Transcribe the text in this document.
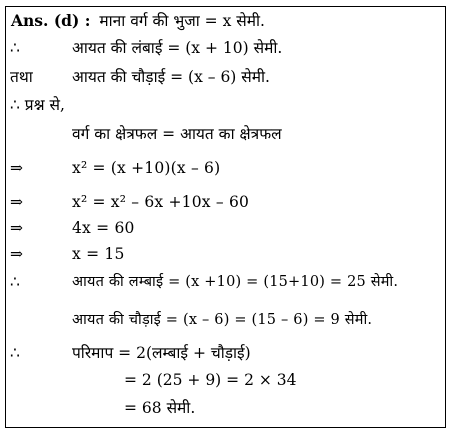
Ans. (d) : माना वर्ग की भुजा = x सेमी.
∴	आयत की लंबाई = (x + 10) सेमी.
तथा	आयत की चौड़ाई = (x – 6) सेमी.
∴ प्रश्न से,
वर्ग का क्षेत्रफल = आयत का क्षेत्रफल
⇒	x² = (x +10)(x – 6)
⇒	x² = x² – 6x +10x – 60
⇒	4x = 60
⇒	x = 15
∴	आयत की लम्बाई = (x +10) = (15+10) = 25 सेमी.
आयत की चौड़ाई = (x – 6) = (15 – 6) = 9 सेमी.
∴	परिमाप = 2(लम्बाई + चौड़ाई)
= 2 (25 + 9) = 2 × 34
= 68 सेमी.
